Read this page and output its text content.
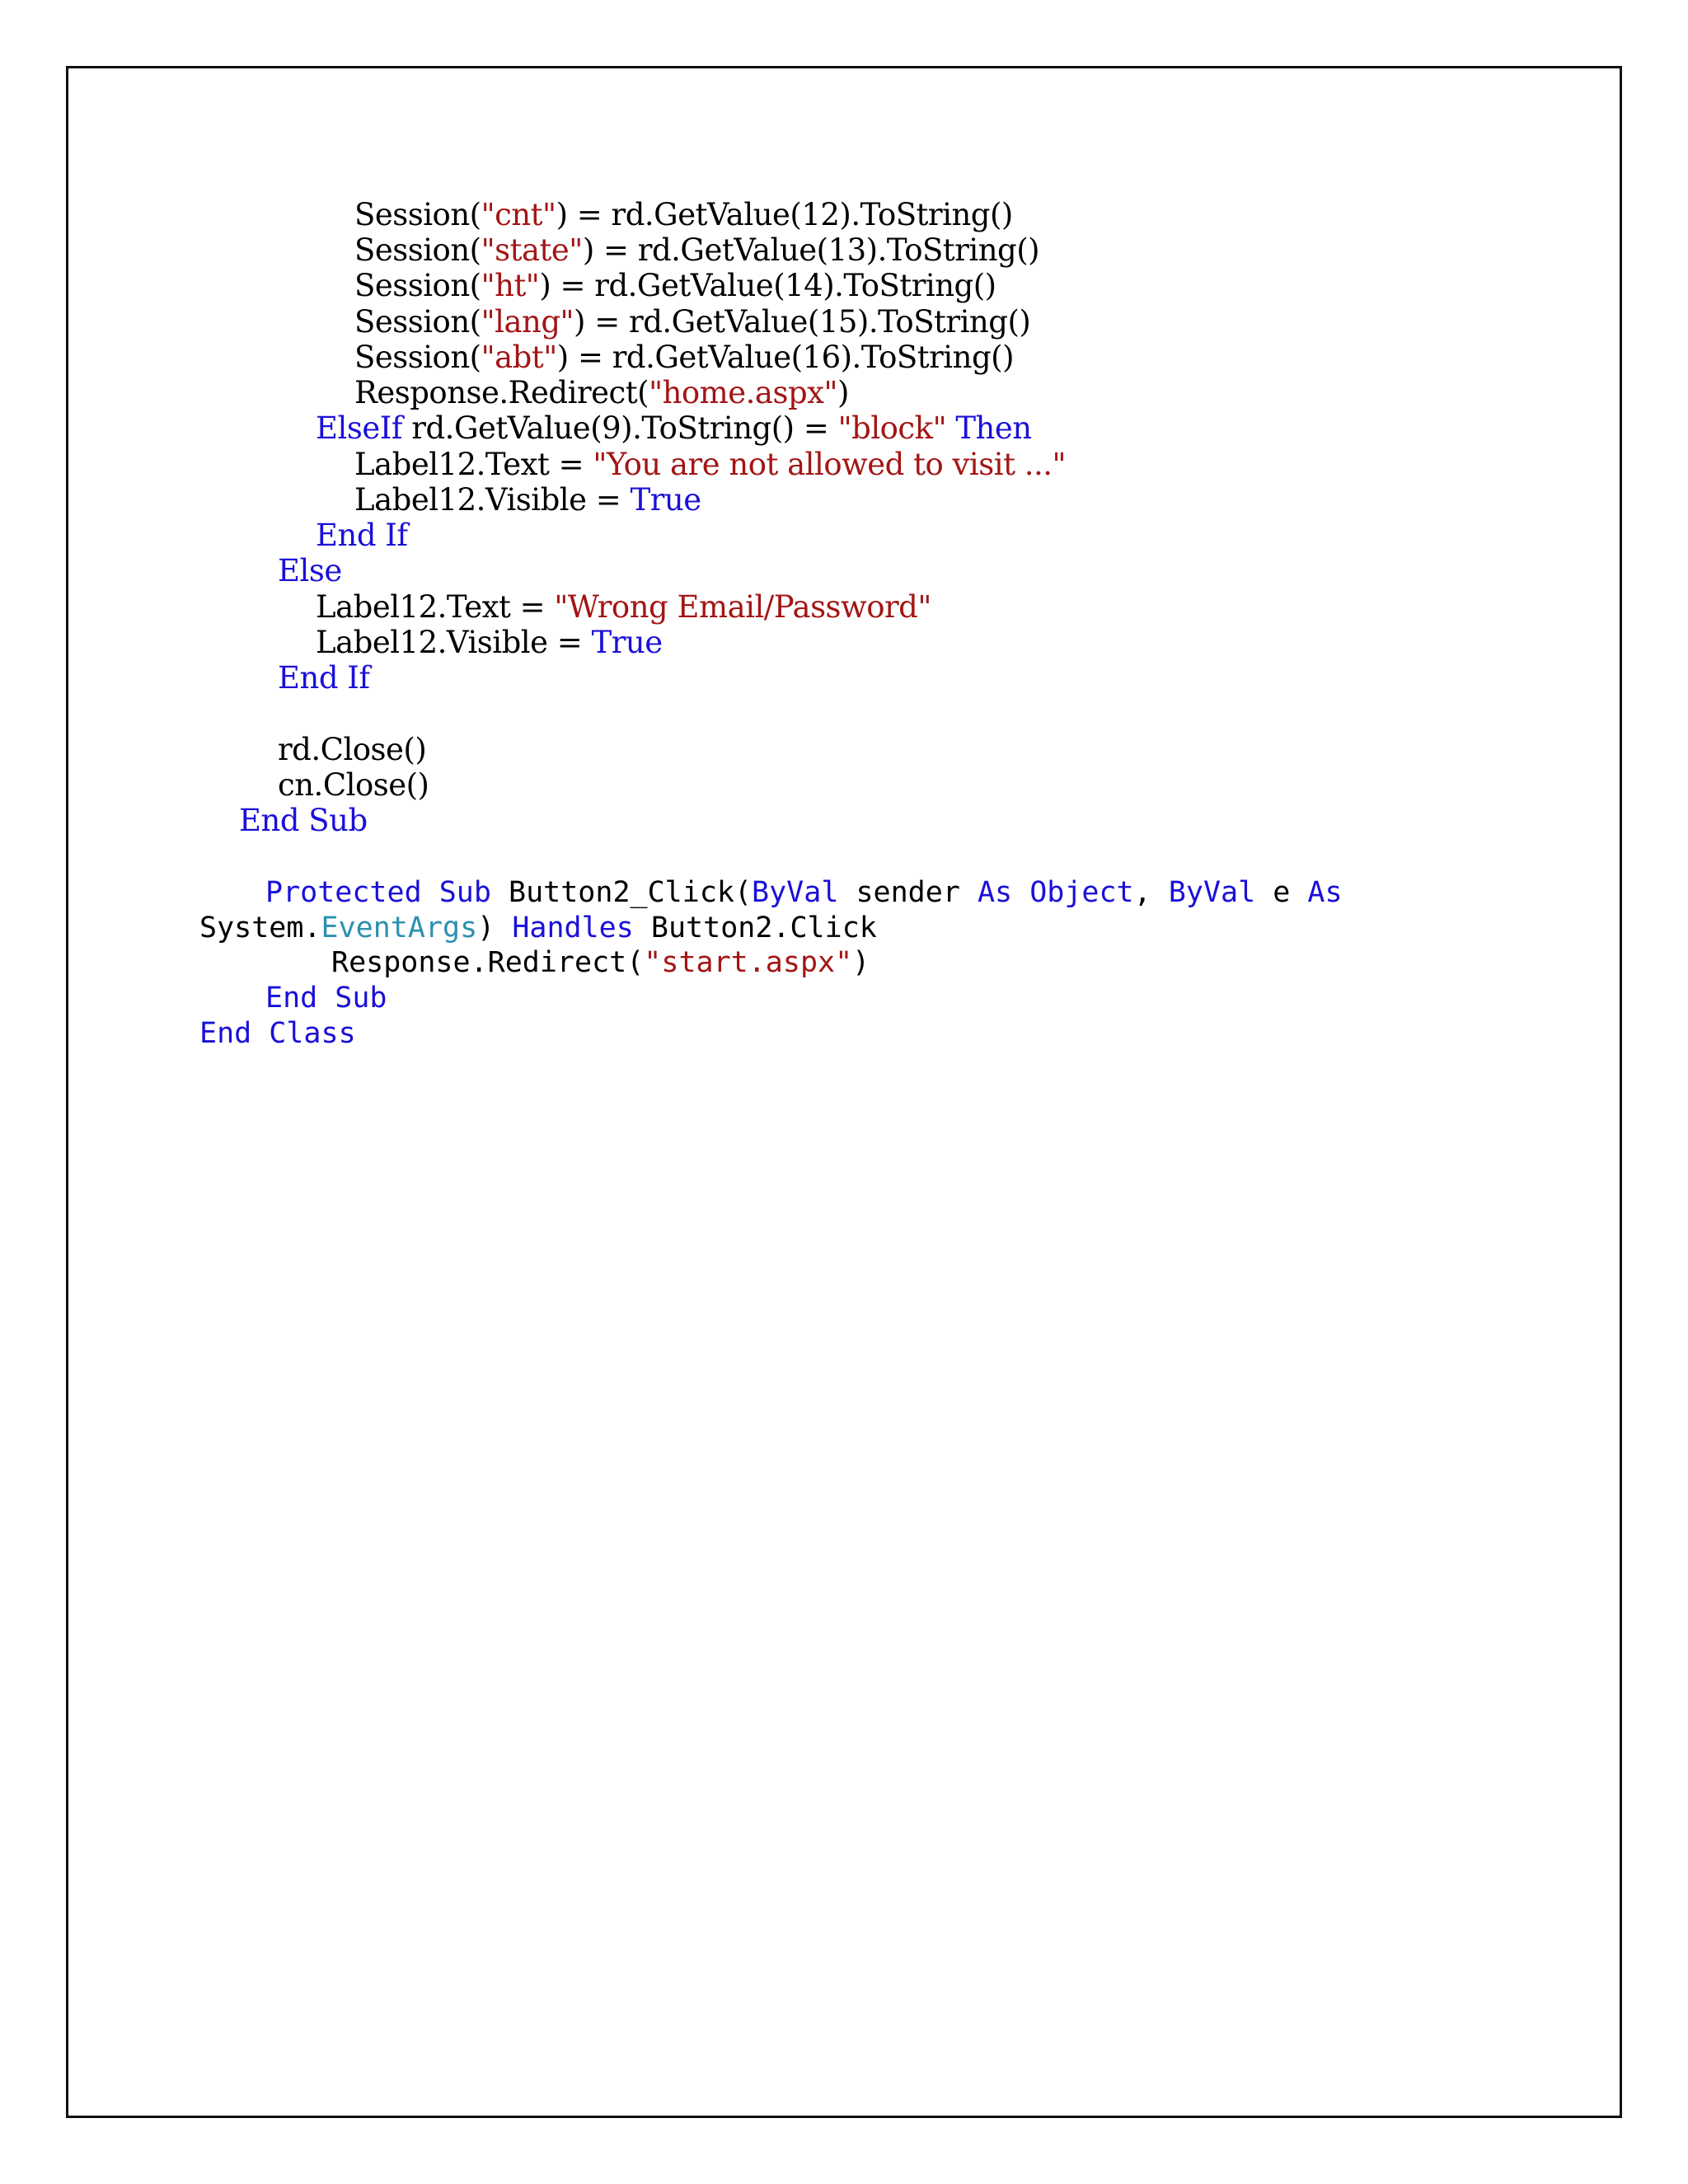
Session("cnt") = rd.GetValue(12).ToString()
Session("state") = rd.GetValue(13).ToString()
Session("ht") = rd.GetValue(14).ToString()
Session("lang") = rd.GetValue(15).ToString()
Session("abt") = rd.GetValue(16).ToString()
Response.Redirect("home.aspx")
ElseIf rd.GetValue(9).ToString() = "block" Then
Label12.Text = "You are not allowed to visit ..."
Label12.Visible = True
End If
Else
Label12.Text = "Wrong Email/Password"
Label12.Visible = True
End If
rd.Close()
cn.Close()
End Sub
Protected Sub Button2_Click(ByVal sender As Object, ByVal e As
System.EventArgs) Handles Button2.Click
Response.Redirect("start.aspx")
End Sub
End Class
